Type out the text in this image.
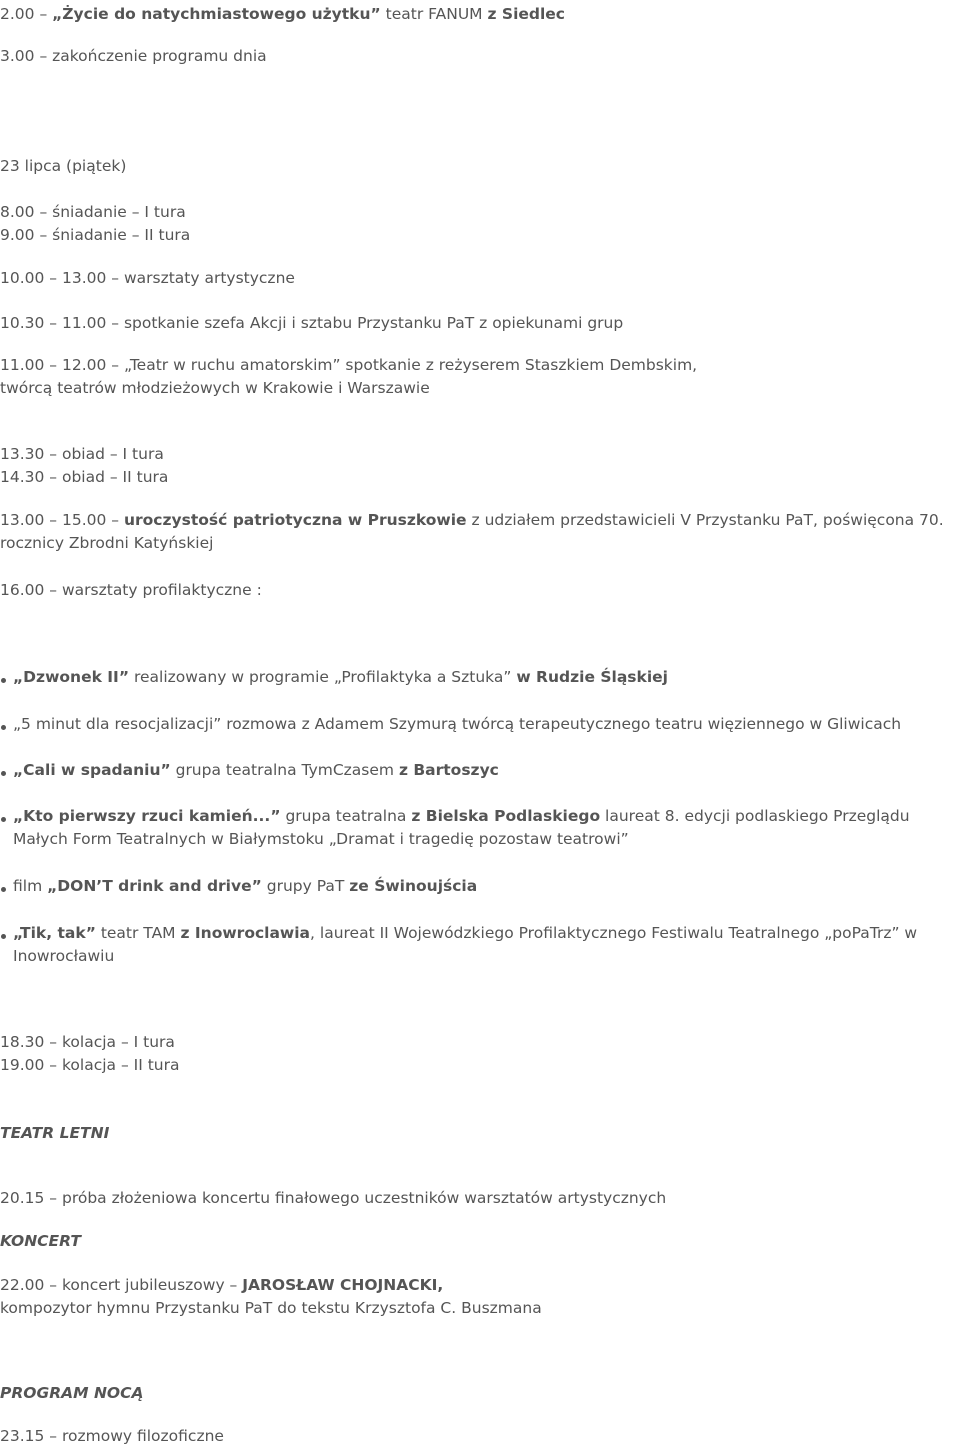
2.00 – „Życie do natychmiastowego użytku” teatr FANUM z Siedlec

3.00 – zakończenie programu dnia

23 lipca (piątek)

8.00 – śniadanie – I tura
9.00 – śniadanie – II tura

10.00 – 13.00 – warsztaty artystyczne

10.30 – 11.00 – spotkanie szefa Akcji i sztabu Przystanku PaT z opiekunami grup

11.00 – 12.00 – „Teatr w ruchu amatorskim” spotkanie z reżyserem Staszkiem Dembskim,
twórcą teatrów młodzieżowych w Krakowie i Warszawie

13.30 – obiad – I tura
14.30 – obiad – II tura

13.00 – 15.00 – uroczystość patriotyczna w Pruszkowie z udziałem przedstawicieli V Przystanku PaT, poświęcona 70.
rocznicy Zbrodni Katyńskiej

16.00 – warsztaty profilaktyczne :

„Dzwonek II” realizowany w programie „Profilaktyka a Sztuka” w Rudzie Śląskiej

„5 minut dla resocjalizacji” rozmowa z Adamem Szymurą twórcą terapeutycznego teatru więziennego w Gliwicach

„Cali w spadaniu” grupa teatralna TymCzasem z Bartoszyc

„Kto pierwszy rzuci kamień...” grupa teatralna z Bielska Podlaskiego laureat 8. edycji podlaskiego Przeglądu
Małych Form Teatralnych w Białymstoku „Dramat i tragedię pozostaw teatrowi”

film „DON’T drink and drive” grupy PaT ze Świnoujścia

„Tik, tak” teatr TAM z Inowroclawia, laureat II Wojewódzkiego Profilaktycznego Festiwalu Teatralnego „poPaTrz” w
Inowrocławiu

18.30 – kolacja – I tura
19.00 – kolacja – II tura

TEATR LETNI

20.15 – próba złożeniowa koncertu finałowego uczestników warsztatów artystycznych

KONCERT

22.00 – koncert jubileuszowy – JAROSŁAW CHOJNACKI,
kompozytor hymnu Przystanku PaT do tekstu Krzysztofa C. Buszmana

PROGRAM NOCĄ

23.15 – rozmowy filozoficzne
